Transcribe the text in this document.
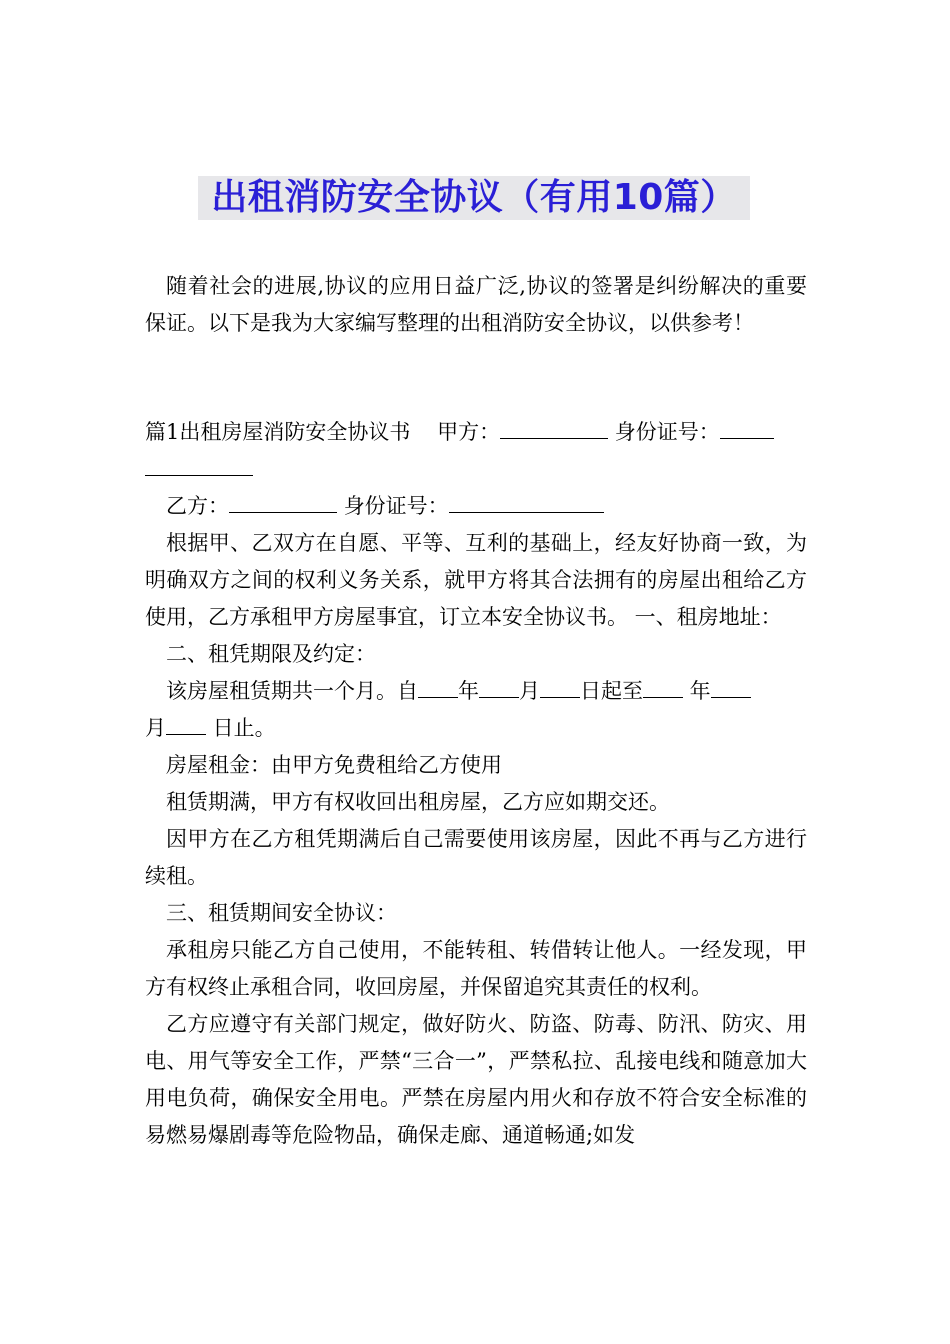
出租消防安全协议（有用10篇）

随着社会的进展,协议的应用日益广泛,协议的签署是纠纷解决的重要保证。以下是我为大家编写整理的出租消防安全协议，以供参考！

篇1出租房屋消防安全协议书 甲方：	身份证号：

乙方：	身份证号：

根据甲、乙双方在自愿、平等、互利的基础上，经友好协商一致，为明确双方之间的权利义务关系，就甲方将其合法拥有的房屋出租给乙方使用，乙方承租甲方房屋事宜，订立本安全协议书。 一、租房地址：

二、租凭期限及约定：

该房屋租赁期共一个月。自 年 月 日起至 年
月 日止。

房屋租金：由甲方免费租给乙方使用

租赁期满，甲方有权收回出租房屋，乙方应如期交还。

因甲方在乙方租凭期满后自己需要使用该房屋，因此不再与乙方进行续租。

三、租赁期间安全协议：

承租房只能乙方自己使用，不能转租、转借转让他人。一经发现，甲方有权终止承租合同，收回房屋，并保留追究其责任的权利。

乙方应遵守有关部门规定，做好防火、防盗、防毒、防汛、防灾、用电、用气等安全工作，严禁“三合一”，严禁私拉、乱接电线和随意加大用电负荷，确保安全用电。严禁在房屋内用火和存放不符合安全标准的易燃易爆剧毒等危险物品，确保走廊、通道畅通;如发
